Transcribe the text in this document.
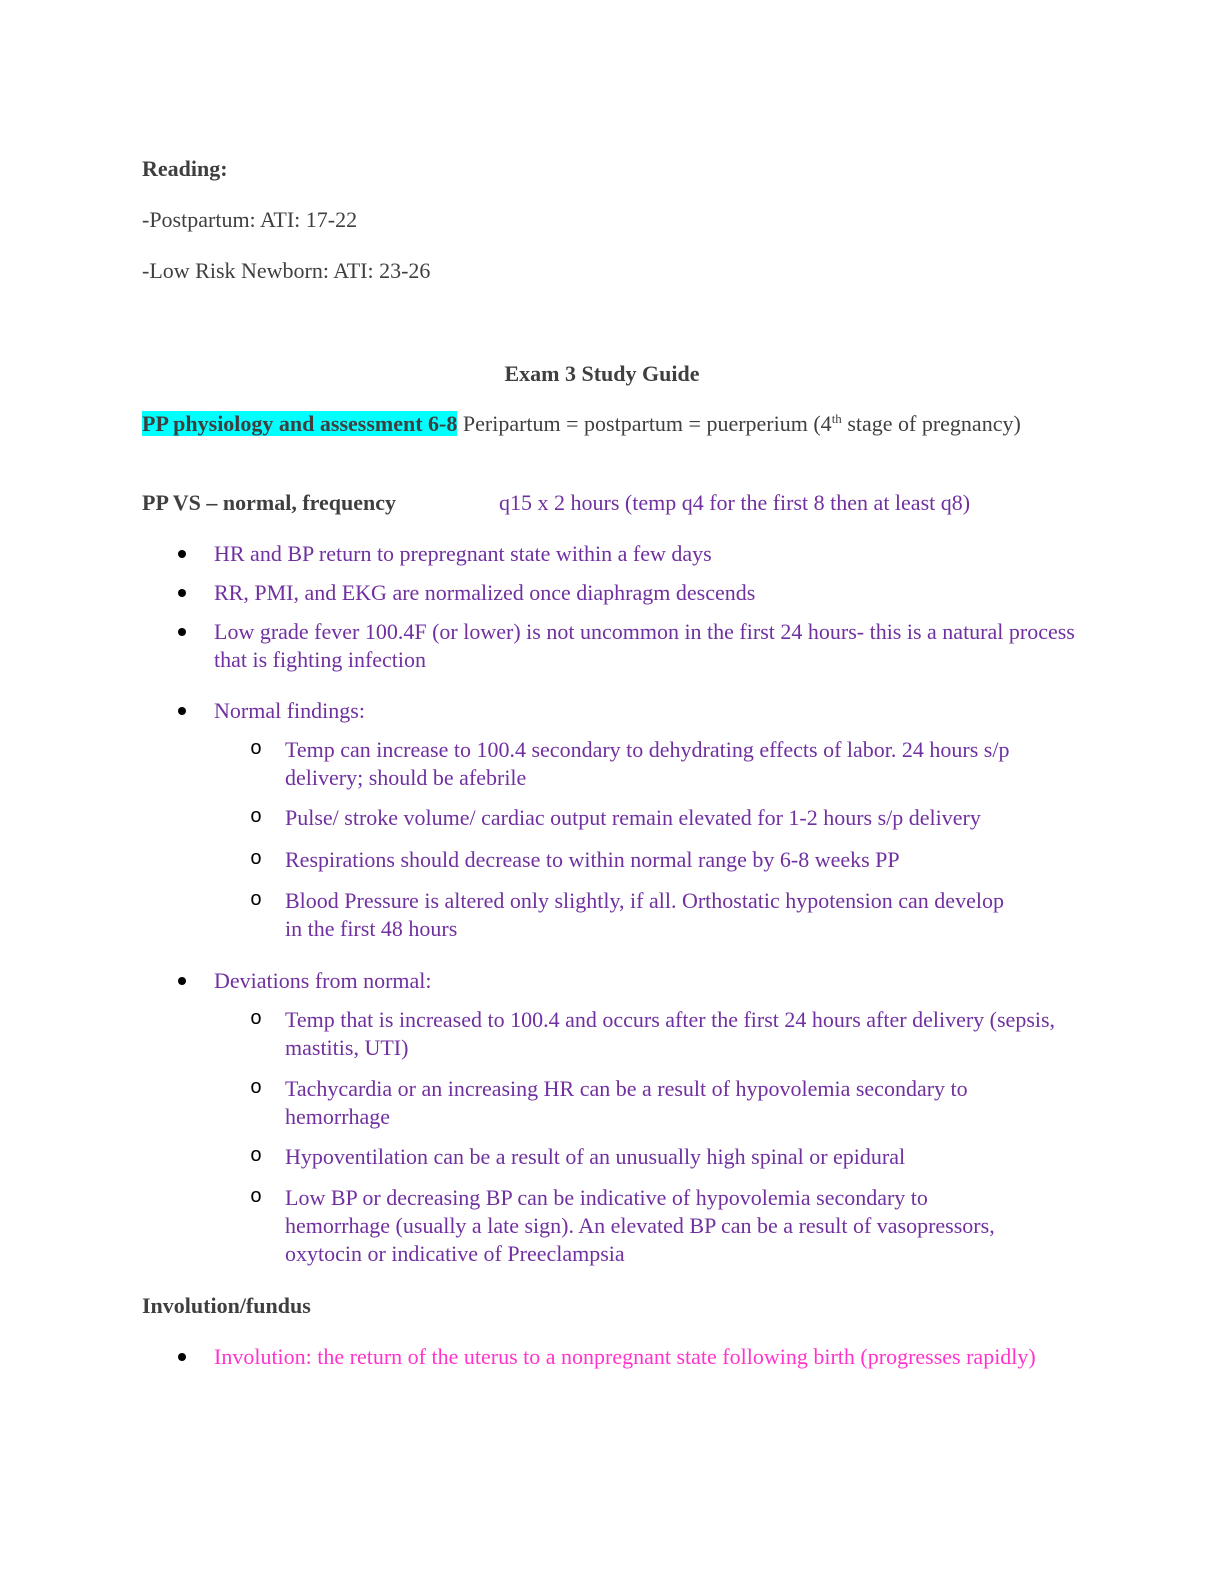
Reading:

-Postpartum: ATI: 17-22

-Low Risk Newborn: ATI: 23-26

Exam 3 Study Guide

PP physiology and assessment 6-8 Peripartum = postpartum = puerperium (4th stage of pregnancy)

PP VS – normal, frequency	q15 x 2 hours (temp q4 for the first 8 then at least q8)

HR and BP return to prepregnant state within a few days
RR, PMI, and EKG are normalized once diaphragm descends
Low grade fever 100.4F (or lower) is not uncommon in the first 24 hours- this is a natural process that is fighting infection
Normal findings:
o Temp can increase to 100.4 secondary to dehydrating effects of labor. 24 hours s/p delivery; should be afebrile
o Pulse/ stroke volume/ cardiac output remain elevated for 1-2 hours s/p delivery
o Respirations should decrease to within normal range by 6-8 weeks PP
o Blood Pressure is altered only slightly, if all. Orthostatic hypotension can develop in the first 48 hours
Deviations from normal:
o Temp that is increased to 100.4 and occurs after the first 24 hours after delivery (sepsis, mastitis, UTI)
o Tachycardia or an increasing HR can be a result of hypovolemia secondary to hemorrhage
o Hypoventilation can be a result of an unusually high spinal or epidural
o Low BP or decreasing BP can be indicative of hypovolemia secondary to hemorrhage (usually a late sign). An elevated BP can be a result of vasopressors, oxytocin or indicative of Preeclampsia

Involution/fundus

Involution: the return of the uterus to a nonpregnant state following birth (progresses rapidly)
